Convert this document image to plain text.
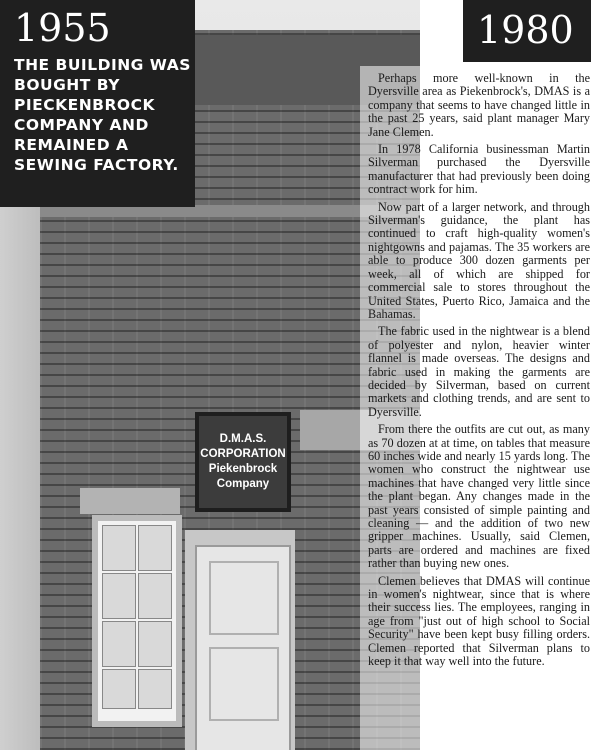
D.M.A.S.
CORPORATION
Piekenbrock
Company
1955
THE BUILDING WAS BOUGHT BY PIECKENBROCK COMPANY AND REMAINED A SEWING FACTORY.
1980

Perhaps more well-known in the Dyersville area as Piekenbrock's, DMAS is a company that seems to have changed little in the past 25 years, said plant manager Mary Jane Clemen.

In 1978 California businessman Martin Silverman purchased the Dyersville manufacturer that had previously been doing contract work for him.

Now part of a larger network, and through Silverman's guidance, the plant has continued to craft high-quality women's nightgowns and pajamas. The 35 workers are able to produce 300 dozen garments per week, all of which are shipped for commercial sale to stores throughout the United States, Puerto Rico, Jamaica and the Bahamas.

The fabric used in the nightwear is a blend of polyester and nylon, heavier winter flannel is made overseas. The designs and fabric used in making the garments are decided by Silverman, based on current markets and clothing trends, and are sent to Dyersville.

From there the outfits are cut out, as many as 70 dozen at at time, on tables that measure 60 inches wide and nearly 15 yards long. The women who construct the nightwear use machines that have changed very little since the plant began. Any changes made in the past years consisted of simple painting and cleaning — and the addition of two new gripper machines. Usually, said Clemen, parts are ordered and machines are fixed rather than buying new ones.

Clemen believes that DMAS will continue in women's nightwear, since that is where their success lies. The employees, ranging in age from "just out of high school to Social Security" have been kept busy filling orders. Clemen reported that Silverman plans to keep it that way well into the future.
